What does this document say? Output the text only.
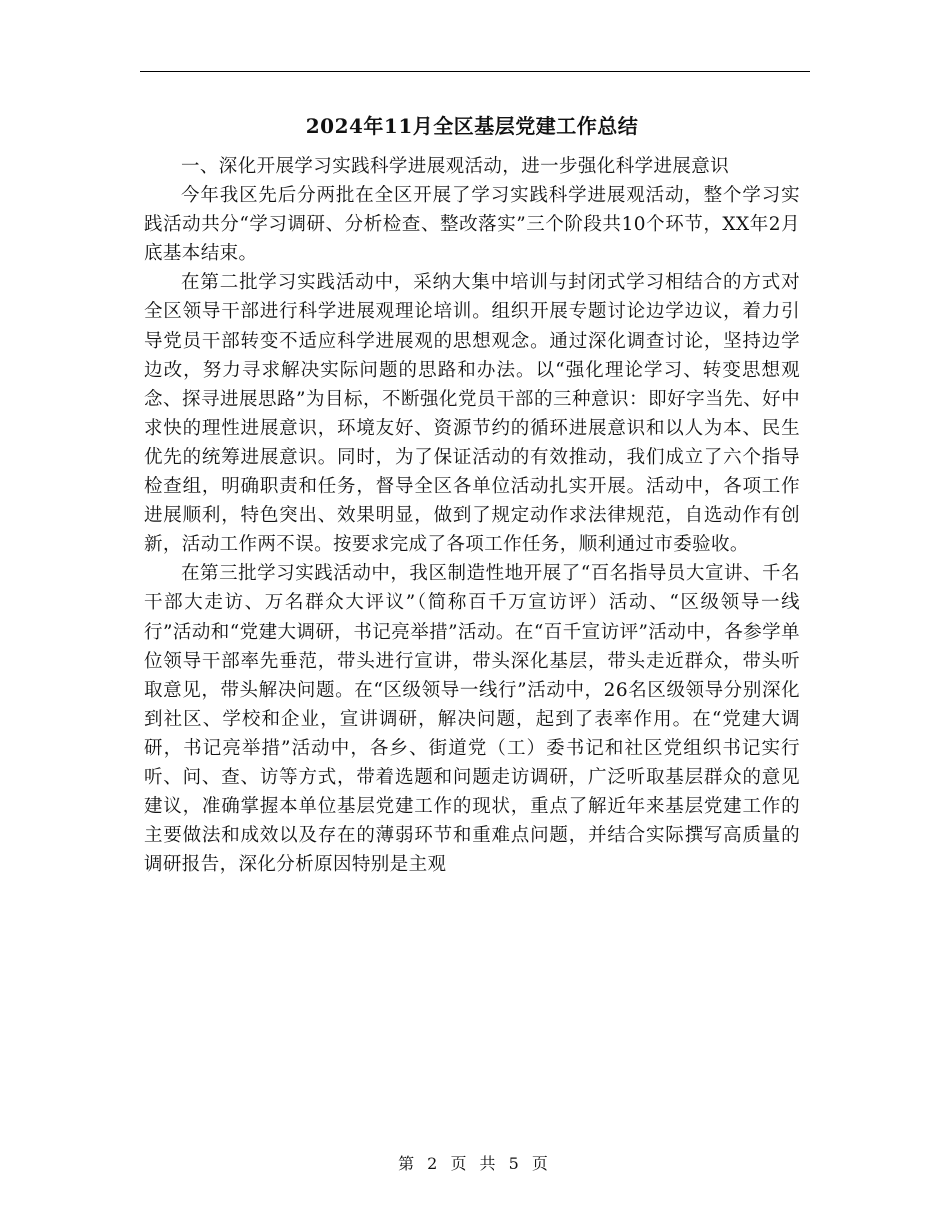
2024年11月全区基层党建工作总结

一、深化开展学习实践科学进展观活动，进一步强化科学进展意识

今年我区先后分两批在全区开展了学习实践科学进展观活动，整个学习实践活动共分“学习调研、分析检查、整改落实”三个阶段共10个环节，XX年2月底基本结束。

在第二批学习实践活动中，采纳大集中培训与封闭式学习相结合的方式对全区领导干部进行科学进展观理论培训。组织开展专题讨论边学边议，着力引导党员干部转变不适应科学进展观的思想观念。通过深化调查讨论，坚持边学边改，努力寻求解决实际问题的思路和办法。以“强化理论学习、转变思想观念、探寻进展思路”为目标，不断强化党员干部的三种意识：即好字当先、好中求快的理性进展意识，环境友好、资源节约的循环进展意识和以人为本、民生优先的统筹进展意识。同时，为了保证活动的有效推动，我们成立了六个指导检查组，明确职责和任务，督导全区各单位活动扎实开展。活动中，各项工作进展顺利，特色突出、效果明显，做到了规定动作求法律规范，自选动作有创新，活动工作两不误。按要求完成了各项工作任务，顺利通过市委验收。

在第三批学习实践活动中，我区制造性地开展了“百名指导员大宣讲、千名干部大走访、万名群众大评议”（简称百千万宣访评）活动、“区级领导一线行”活动和“党建大调研，书记亮举措”活动。在“百千宣访评”活动中，各参学单位领导干部率先垂范，带头进行宣讲，带头深化基层，带头走近群众，带头听取意见，带头解决问题。在“区级领导一线行”活动中，26名区级领导分别深化到社区、学校和企业，宣讲调研，解决问题，起到了表率作用。在“党建大调研，书记亮举措”活动中，各乡、街道党（工）委书记和社区党组织书记实行听、问、查、访等方式，带着选题和问题走访调研，广泛听取基层群众的意见建议，准确掌握本单位基层党建工作的现状，重点了解近年来基层党建工作的主要做法和成效以及存在的薄弱环节和重难点问题，并结合实际撰写高质量的调研报告，深化分析原因特别是主观

第 2 页 共 5 页
